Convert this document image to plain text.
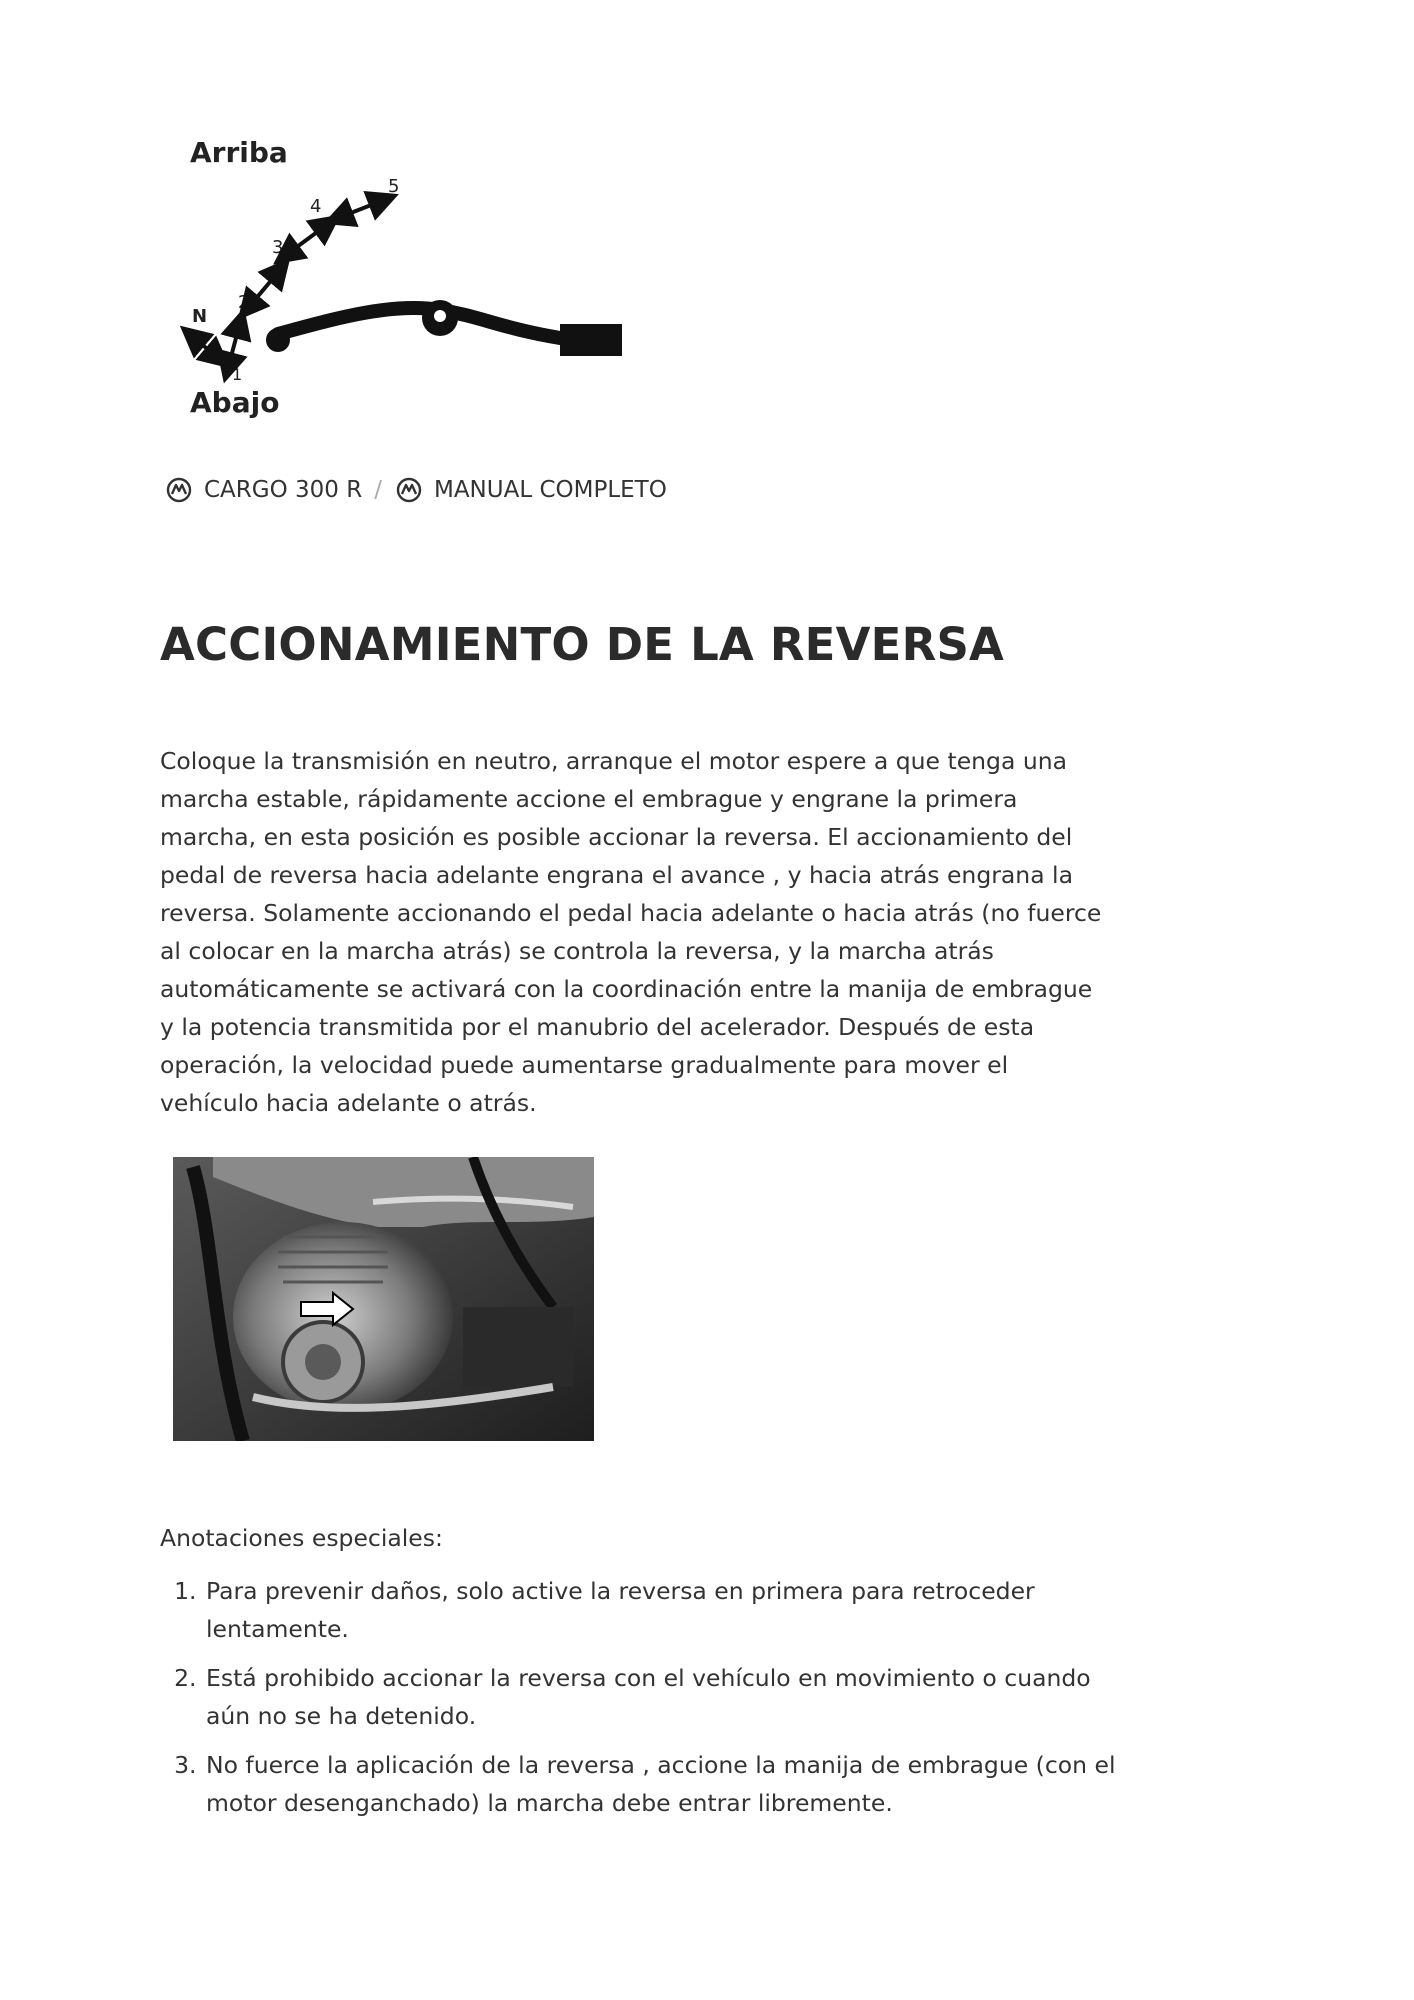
Arriba
Abajo
N
1
2
3
4
5
CARGO 300 R / MANUAL COMPLETO
ACCIONAMIENTO DE LA REVERSA

Coloque la transmisión en neutro, arranque el motor espere a que tenga una marcha estable, rápidamente accione el embrague y engrane la primera marcha, en esta posición es posible accionar la reversa. El accionamiento del pedal de reversa hacia adelante engrana el avance , y hacia atrás engrana la reversa. Solamente accionando el pedal hacia adelante o hacia atrás (no fuerce al colocar en la marcha atrás) se controla la reversa, y la marcha atrás automáticamente se activará con la coordinación entre la manija de embrague y la potencia transmitida por el manubrio del acelerador. Después de esta operación, la velocidad puede aumentarse gradualmente para mover el vehículo hacia adelante o atrás.

Anotaciones especiales:

1. Para prevenir daños, solo active la reversa en primera para retroceder lentamente.
2. Está prohibido accionar la reversa con el vehículo en movimiento o cuando aún no se ha detenido.
3. No fuerce la aplicación de la reversa , accione la manija de embrague (con el motor desenganchado) la marcha debe entrar libremente.
